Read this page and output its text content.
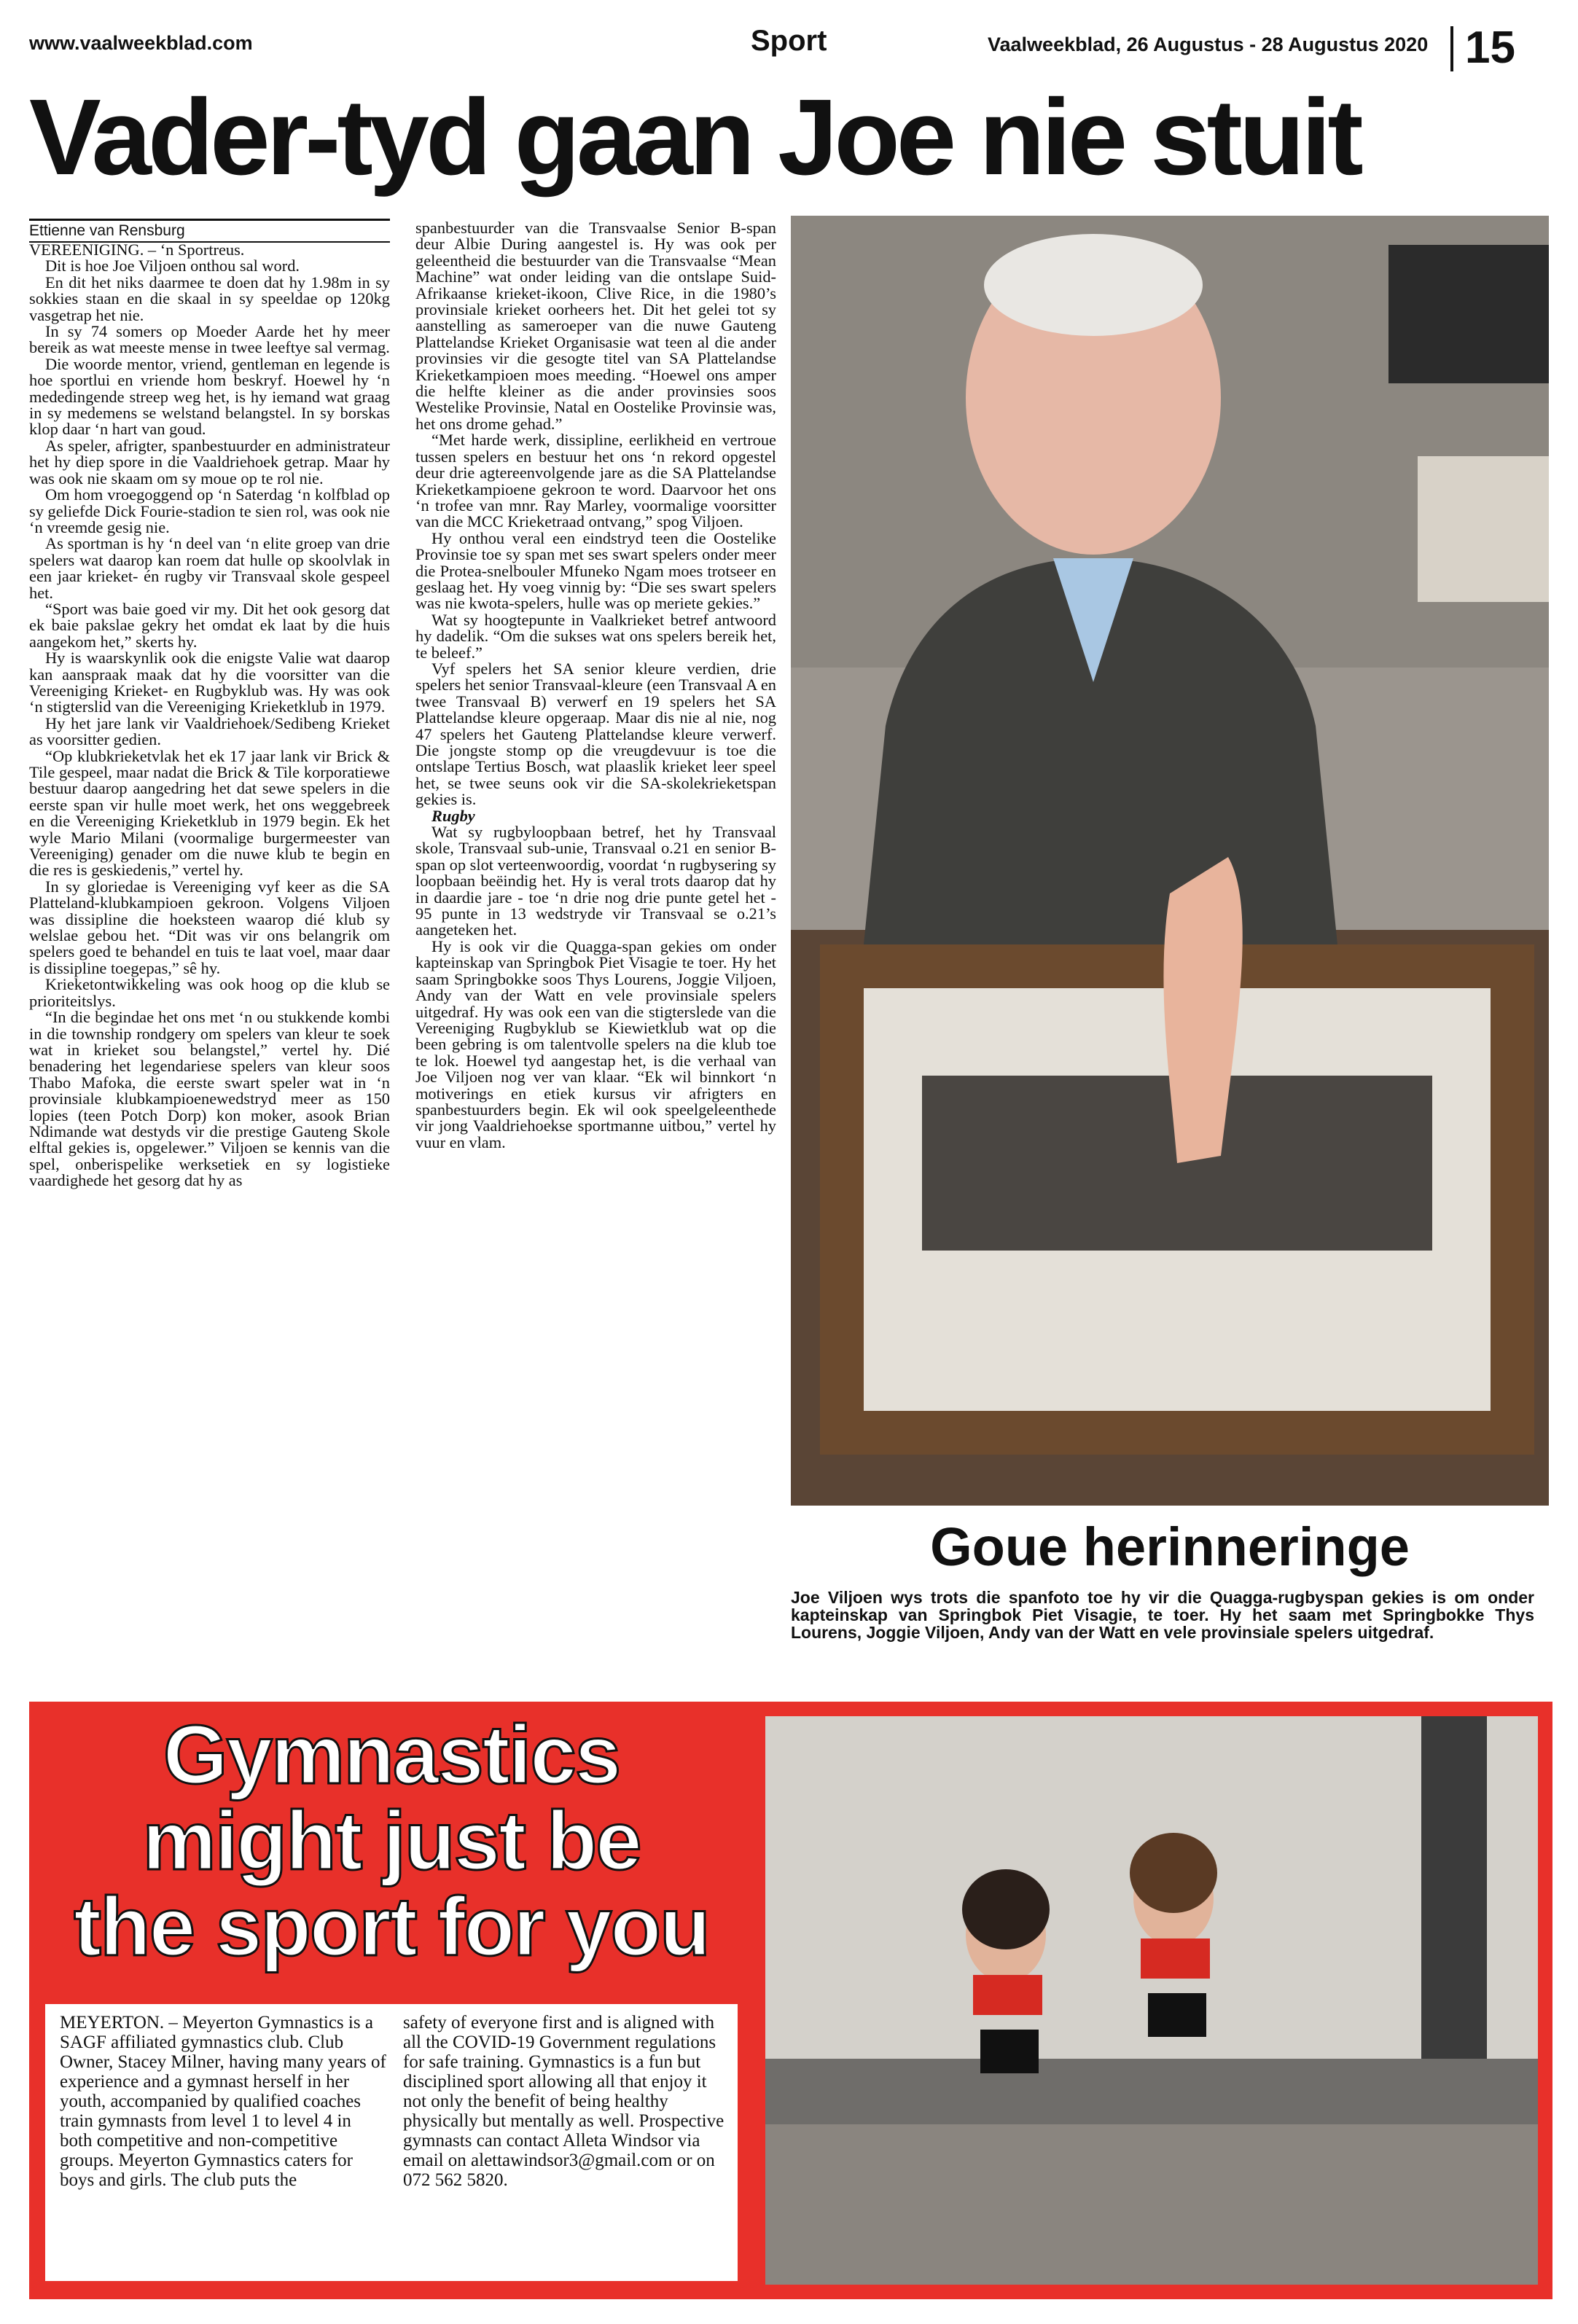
www.vaalweekblad.com	Sport	Vaalweekblad, 26 Augustus - 28 Augustus 2020 15
Vader-tyd gaan Joe nie stuit
Ettienne van Rensburg

VEREENIGING. – ‘n Sportreus.

Dit is hoe Joe Viljoen onthou sal word.

En dit het niks daarmee te doen dat hy 1.98m in sy sokkies staan en die skaal in sy speeldae op 120kg vasgetrap het nie.

In sy 74 somers op Moeder Aarde het hy meer bereik as wat meeste mense in twee leeftye sal vermag.

Die woorde mentor, vriend, gentleman en legende is hoe sportlui en vriende hom beskryf. Hoewel hy ‘n mededingende streep weg het, is hy iemand wat graag in sy medemens se welstand belangstel. In sy borskas klop daar ‘n hart van goud.

As speler, afrigter, spanbestuurder en administrateur het hy diep spore in die Vaaldriehoek getrap. Maar hy was ook nie skaam om sy moue op te rol nie.

Om hom vroegoggend op ‘n Saterdag ‘n kolfblad op sy geliefde Dick Fourie-stadion te sien rol, was ook nie ‘n vreemde gesig nie.

As sportman is hy ‘n deel van ‘n elite groep van drie spelers wat daarop kan roem dat hulle op skoolvlak in een jaar krieket- én rugby vir Transvaal skole gespeel het.

“Sport was baie goed vir my. Dit het ook gesorg dat ek baie pakslae gekry het omdat ek laat by die huis aangekom het,” skerts hy.

Hy is waarskynlik ook die enigste Valie wat daarop kan aanspraak maak dat hy die voorsitter van die Vereeniging Krieket- en Rugbyklub was. Hy was ook ‘n stigterslid van die Vereeniging Krieketklub in 1979.

Hy het jare lank vir Vaaldriehoek/Sedibeng Krieket as voorsitter gedien.

“Op klubkrieketvlak het ek 17 jaar lank vir Brick & Tile gespeel, maar nadat die Brick & Tile korporatiewe bestuur daarop aangedring het dat sewe spelers in die eerste span vir hulle moet werk, het ons weggebreek en die Vereeniging Krieketklub in 1979 begin. Ek het wyle Mario Milani (voormalige burgermeester van Vereeniging) genader om die nuwe klub te begin en die res is geskiedenis,” vertel hy.

In sy gloriedae is Vereeniging vyf keer as die SA Platteland-klubkampioen gekroon. Volgens Viljoen was dissipline die hoeksteen waarop dié klub sy welslae gebou het. “Dit was vir ons belangrik om spelers goed te behandel en tuis te laat voel, maar daar is dissipline toegepas,” sê hy.

Krieketontwikkeling was ook hoog op die klub se prioriteitslys.

“In die begindae het ons met ‘n ou stukkende kombi in die township rondgery om spelers van kleur te soek wat in krieket sou belangstel,” vertel hy. Dié benadering het legendariese spelers van kleur soos Thabo Mafoka, die eerste swart speler wat in ‘n provinsiale klubkampioenewedstryd meer as 150 lopies (teen Potch Dorp) kon moker, asook Brian Ndimande wat destyds vir die prestige Gauteng Skole elftal gekies is, opgelewer.” Viljoen se kennis van die spel, onberispelike werksetiek en sy logistieke vaardighede het gesorg dat hy as

spanbestuurder van die Transvaalse Senior B-span deur Albie During aangestel is. Hy was ook per geleentheid die bestuurder van die Transvaalse “Mean Machine” wat onder leiding van die ontslape Suid-Afrikaanse krieket-ikoon, Clive Rice, in die 1980’s provinsiale krieket oorheers het. Dit het gelei tot sy aanstelling as sameroeper van die nuwe Gauteng Plattelandse Krieket Organisasie wat teen al die ander provinsies vir die gesogte titel van SA Plattelandse Krieketkampioen moes meeding. “Hoewel ons amper die helfte kleiner as die ander provinsies soos Westelike Provinsie, Natal en Oostelike Provinsie was, het ons drome gehad.”

“Met harde werk, dissipline, eerlikheid en vertroue tussen spelers en bestuur het ons ‘n rekord opgestel deur drie agtereenvolgende jare as die SA Plattelandse Krieketkampioene gekroon te word. Daarvoor het ons ‘n trofee van mnr. Ray Marley, voormalige voorsitter van die MCC Krieketraad ontvang,” spog Viljoen.

Hy onthou veral een eindstryd teen die Oostelike Provinsie toe sy span met ses swart spelers onder meer die Protea-snelbouler Mfuneko Ngam moes trotseer en geslaag het. Hy voeg vinnig by: “Die ses swart spelers was nie kwota-spelers, hulle was op meriete gekies.”

Wat sy hoogtepunte in Vaalkrieket betref antwoord hy dadelik. “Om die sukses wat ons spelers bereik het, te beleef.”

Vyf spelers het SA senior kleure verdien, drie spelers het senior Transvaal-kleure (een Transvaal A en twee Transvaal B) verwerf en 19 spelers het SA Plattelandse kleure opgeraap. Maar dis nie al nie, nog 47 spelers het Gauteng Plattelandse kleure verwerf. Die jongste stomp op die vreugdevuur is toe die ontslape Tertius Bosch, wat plaaslik krieket leer speel het, se twee seuns ook vir die SA-skolekrieketspan gekies is.

Rugby

Wat sy rugbyloopbaan betref, het hy Transvaal skole, Transvaal sub-unie, Transvaal o.21 en senior B-span op slot verteenwoordig, voordat ‘n rugbysering sy loopbaan beëindig het. Hy is veral trots daarop dat hy in daardie jare - toe ‘n drie nog drie punte getel het - 95 punte in 13 wedstryde vir Transvaal se o.21’s aangeteken het.

Hy is ook vir die Quagga-span gekies om onder kapteinskap van Springbok Piet Visagie te toer. Hy het saam Springbokke soos Thys Lourens, Joggie Viljoen, Andy van der Watt en vele provinsiale spelers uitgedraf. Hy was ook een van die stigterslede van die Vereeniging Rugbyklub se Kiewietklub wat op die been gebring is om talentvolle spelers na die klub toe te lok. Hoewel tyd aangestap het, is die verhaal van Joe Viljoen nog ver van klaar. “Ek wil binnkort ‘n motiverings en etiek kursus vir afrigters en spanbestuurders begin. Ek wil ook speelgeleenthede vir jong Vaaldriehoekse sportmanne uitbou,” vertel hy vuur en vlam.

Goue herinneringe
Joe Viljoen wys trots die spanfoto toe hy vir die Quagga-rugbyspan gekies is om onder kapteinskap van Springbok Piet Visagie, te toer. Hy het saam met Springbokke Thys Lourens, Joggie Viljoen, Andy van der Watt en vele provinsiale spelers uitgedraf.
Gymnastics
might just be
the sport for you
MEYERTON. – Meyerton Gymnastics is a SAGF affiliated gymnastics club. Club Owner, Stacey Milner, having many years of experience and a gymnast herself in her youth, accompanied by qualified coaches train gymnasts from level 1 to level 4 in both competitive and non-competitive groups. Meyerton Gymnastics caters for boys and girls. The club puts the
safety of everyone first and is aligned with all the COVID-19 Government regulations for safe training. Gymnastics is a fun but disciplined sport allowing all that enjoy it not only the benefit of being healthy physically but mentally as well. Prospective gymnasts can contact Alleta Windsor via email on alettawindsor3@gmail.com or on 072 562 5820.
